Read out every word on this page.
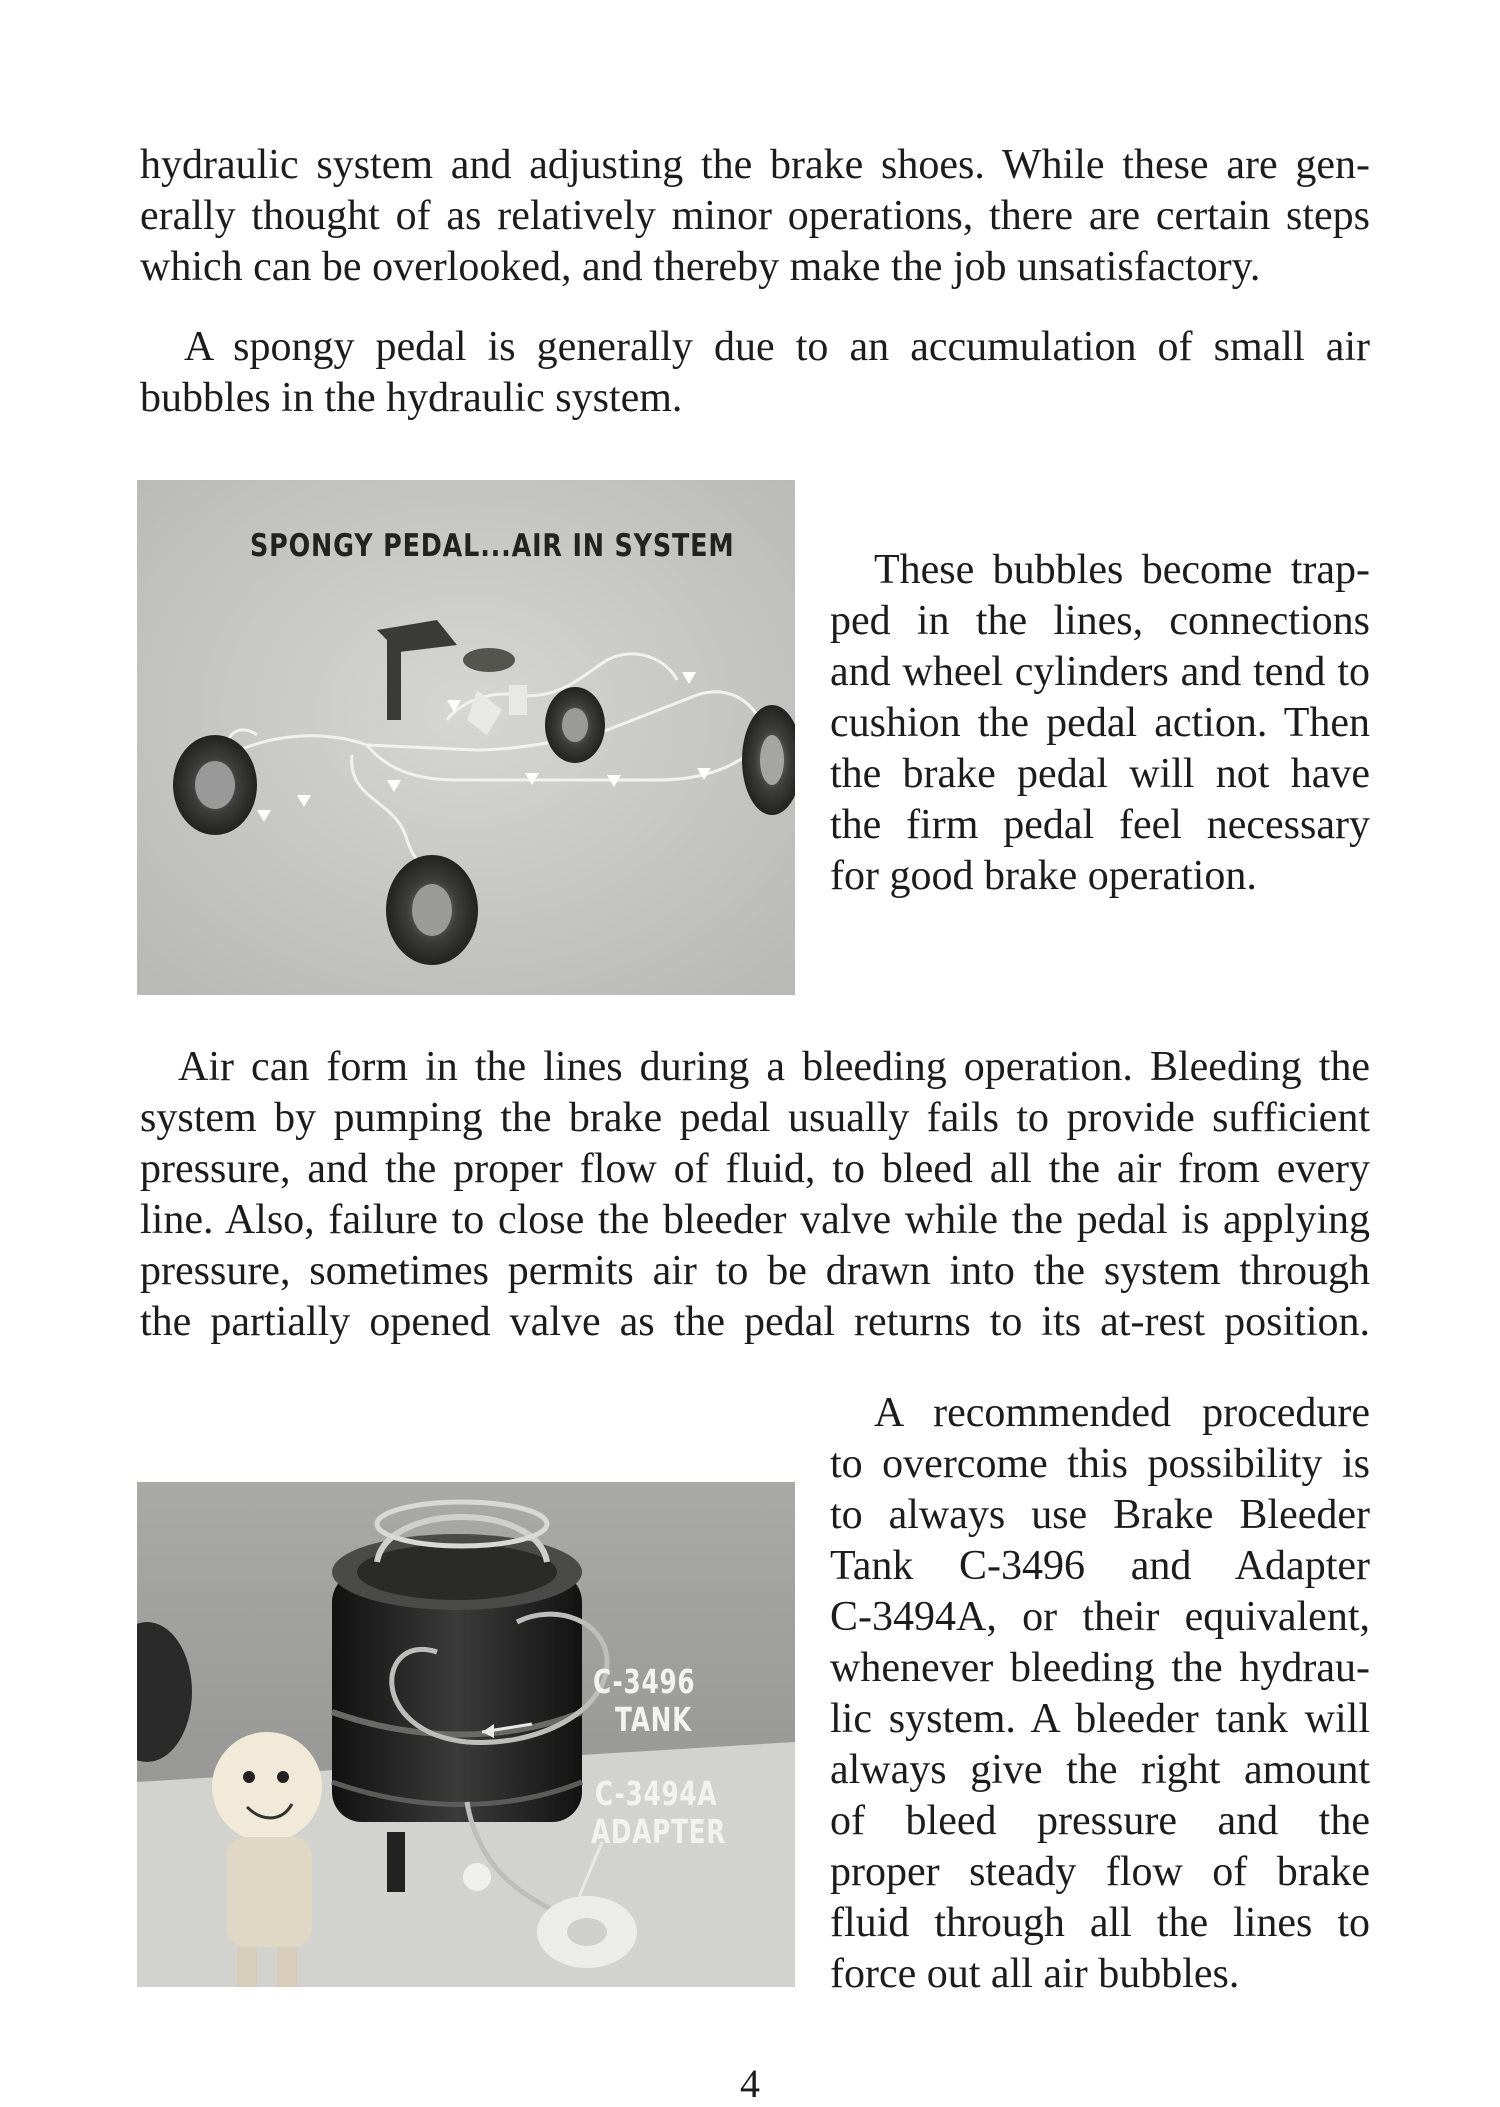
hydraulic system and adjusting the brake shoes. While these are gen-
erally thought of as relatively minor operations, there are certain steps
which can be overlooked, and thereby make the job unsatisfactory.
A spongy pedal is generally due to an accumulation of small air
bubbles in the hydraulic system.
SPONGY PEDAL...AIR IN SYSTEM
These bubbles become trap-
ped in the lines, connections
and wheel cylinders and tend to
cushion the pedal action. Then
the brake pedal will not have
the firm pedal feel necessary
for good brake operation.
Air can form in the lines during a bleeding operation. Bleeding the
system by pumping the brake pedal usually fails to provide sufficient
pressure, and the proper flow of fluid, to bleed all the air from every
line. Also, failure to close the bleeder valve while the pedal is applying
pressure, sometimes permits air to be drawn into the system through
the partially opened valve as the pedal returns to its at-rest position.
C-3496
TANK
C-3494A
ADAPTER
A recommended procedure
to overcome this possibility is
to always use Brake Bleeder
Tank C-3496 and Adapter
C-3494A, or their equivalent,
whenever bleeding the hydrau-
lic system. A bleeder tank will
always give the right amount
of bleed pressure and the
proper steady flow of brake
fluid through all the lines to
force out all air bubbles.
4
